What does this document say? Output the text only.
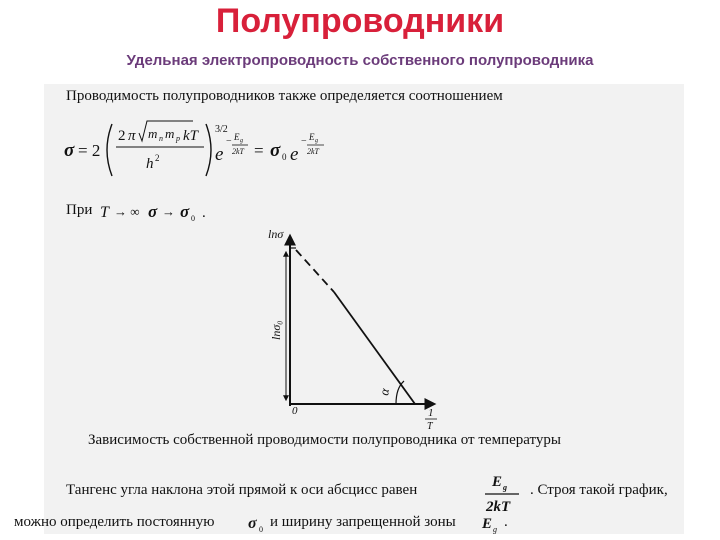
Полупроводники
Удельная электропроводность собственного полупроводника
Проводимость полупроводников также определяется соотношением
σ = 2
2 π m n m p kT
h 2
3/2
e
− E g
2kT = σ 0 e
− E g
2kT
При T → ∞ σ → σ 0 .
lnσ
lnσ₀
0
α
1
T
Зависимость собственной проводимости полупроводника от температуры
Тангенс угла наклона этой прямой к оси абсцисс равен	E g
2kT
. Строя такой график,
можно определить постоянную σ 0 и ширину запрещенной зоны E g .
